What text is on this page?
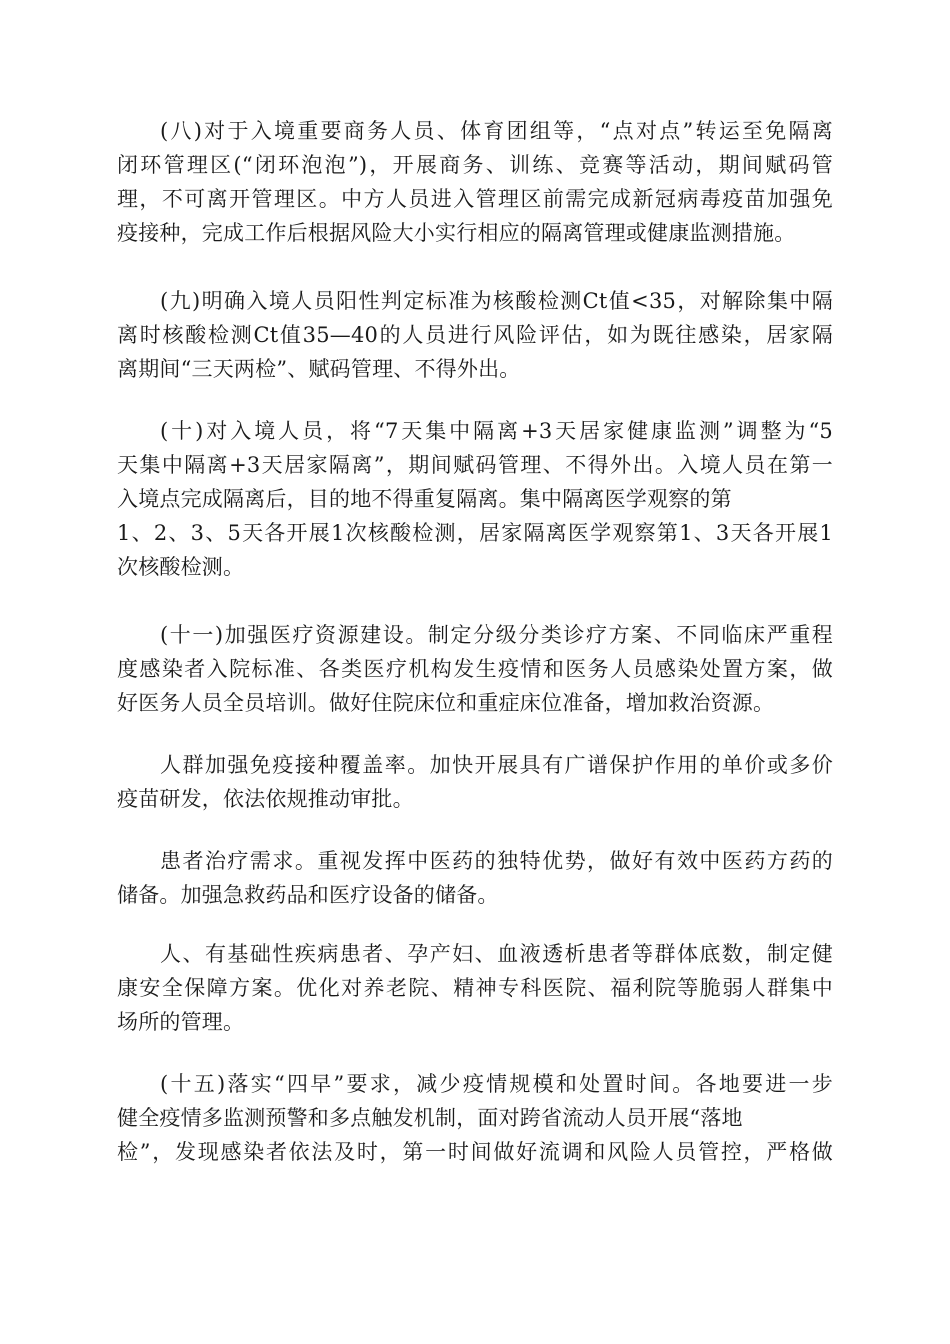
(八)对于入境重要商务人员、体育团组等，“点对点”转运至免隔离
闭环管理区(“闭环泡泡”)，开展商务、训练、竞赛等活动，期间赋码管
理，不可离开管理区。中方人员进入管理区前需完成新冠病毒疫苗加强免
疫接种，完成工作后根据风险大小实行相应的隔离管理或健康监测措施。
(九)明确入境人员阳性判定标准为核酸检测Ct值<35，对解除集中隔
离时核酸检测Ct值35—40的人员进行风险评估，如为既往感染，居家隔
离期间“三天两检”、赋码管理、不得外出。
(十)对入境人员，将“7天集中隔离+3天居家健康监测”调整为“5
天集中隔离+3天居家隔离”，期间赋码管理、不得外出。入境人员在第一
入境点完成隔离后，目的地不得重复隔离。集中隔离医学观察的第
1、2、3、5天各开展1次核酸检测，居家隔离医学观察第1、3天各开展1
次核酸检测。
(十一)加强医疗资源建设。制定分级分类诊疗方案、不同临床严重程
度感染者入院标准、各类医疗机构发生疫情和医务人员感染处置方案，做
好医务人员全员培训。做好住院床位和重症床位准备，增加救治资源。
人群加强免疫接种覆盖率。加快开展具有广谱保护作用的单价或多价
疫苗研发，依法依规推动审批。
患者治疗需求。重视发挥中医药的独特优势，做好有效中医药方药的
储备。加强急救药品和医疗设备的储备。
人、有基础性疾病患者、孕产妇、血液透析患者等群体底数，制定健
康安全保障方案。优化对养老院、精神专科医院、福利院等脆弱人群集中
场所的管理。
(十五)落实“四早”要求，减少疫情规模和处置时间。各地要进一步
健全疫情多监测预警和多点触发机制，面对跨省流动人员开展“落地
检”，发现感染者依法及时，第一时间做好流调和风险人员管控，严格做
